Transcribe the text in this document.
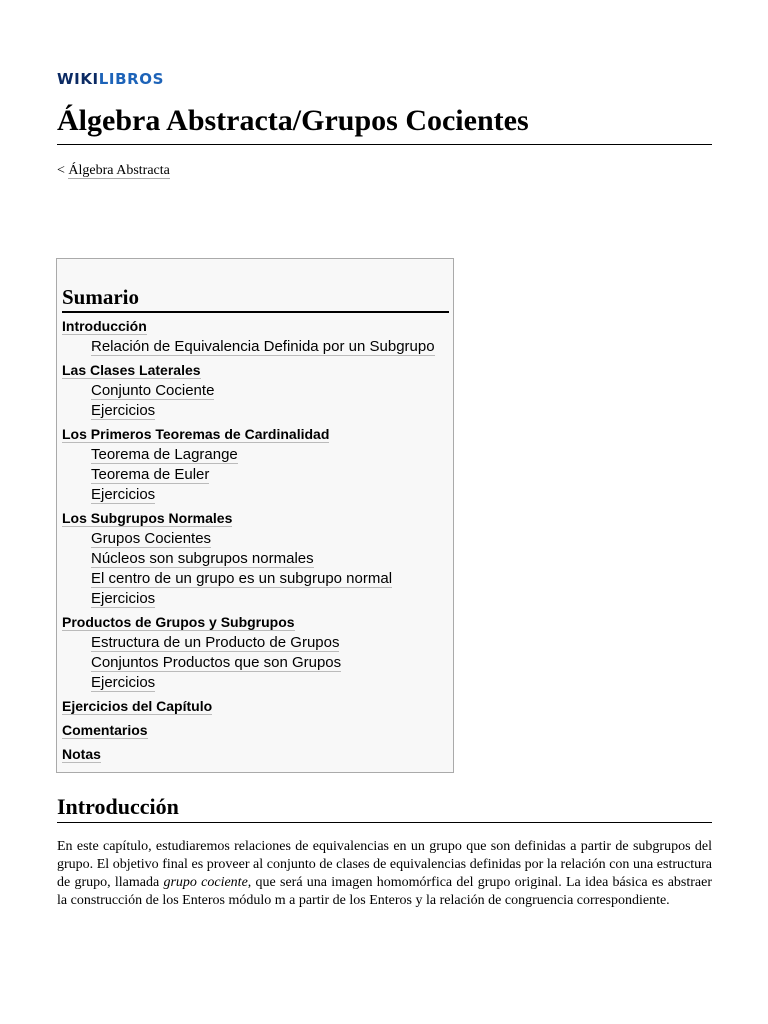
WIKILIBROS
Álgebra Abstracta/Grupos Cocientes
< Álgebra Abstracta
Sumario
Introducción
Relación de Equivalencia Definida por un Subgrupo
Las Clases Laterales
Conjunto Cociente
Ejercicios
Los Primeros Teoremas de Cardinalidad
Teorema de Lagrange
Teorema de Euler
Ejercicios
Los Subgrupos Normales
Grupos Cocientes
Núcleos son subgrupos normales
El centro de un grupo es un subgrupo normal
Ejercicios
Productos de Grupos y Subgrupos
Estructura de un Producto de Grupos
Conjuntos Productos que son Grupos
Ejercicios
Ejercicios del Capítulo
Comentarios
Notas
Introducción

En este capítulo, estudiaremos relaciones de equivalencias en un grupo que son definidas a partir de subgrupos del grupo. El objetivo final es proveer al conjunto de clases de equivalencias definidas por la relación con una estructura de grupo, llamada grupo cociente, que será una imagen homomórfica del grupo original. La idea básica es abstraer la construcción de los Enteros módulo m a partir de los Enteros y la relación de congruencia correspondiente.
